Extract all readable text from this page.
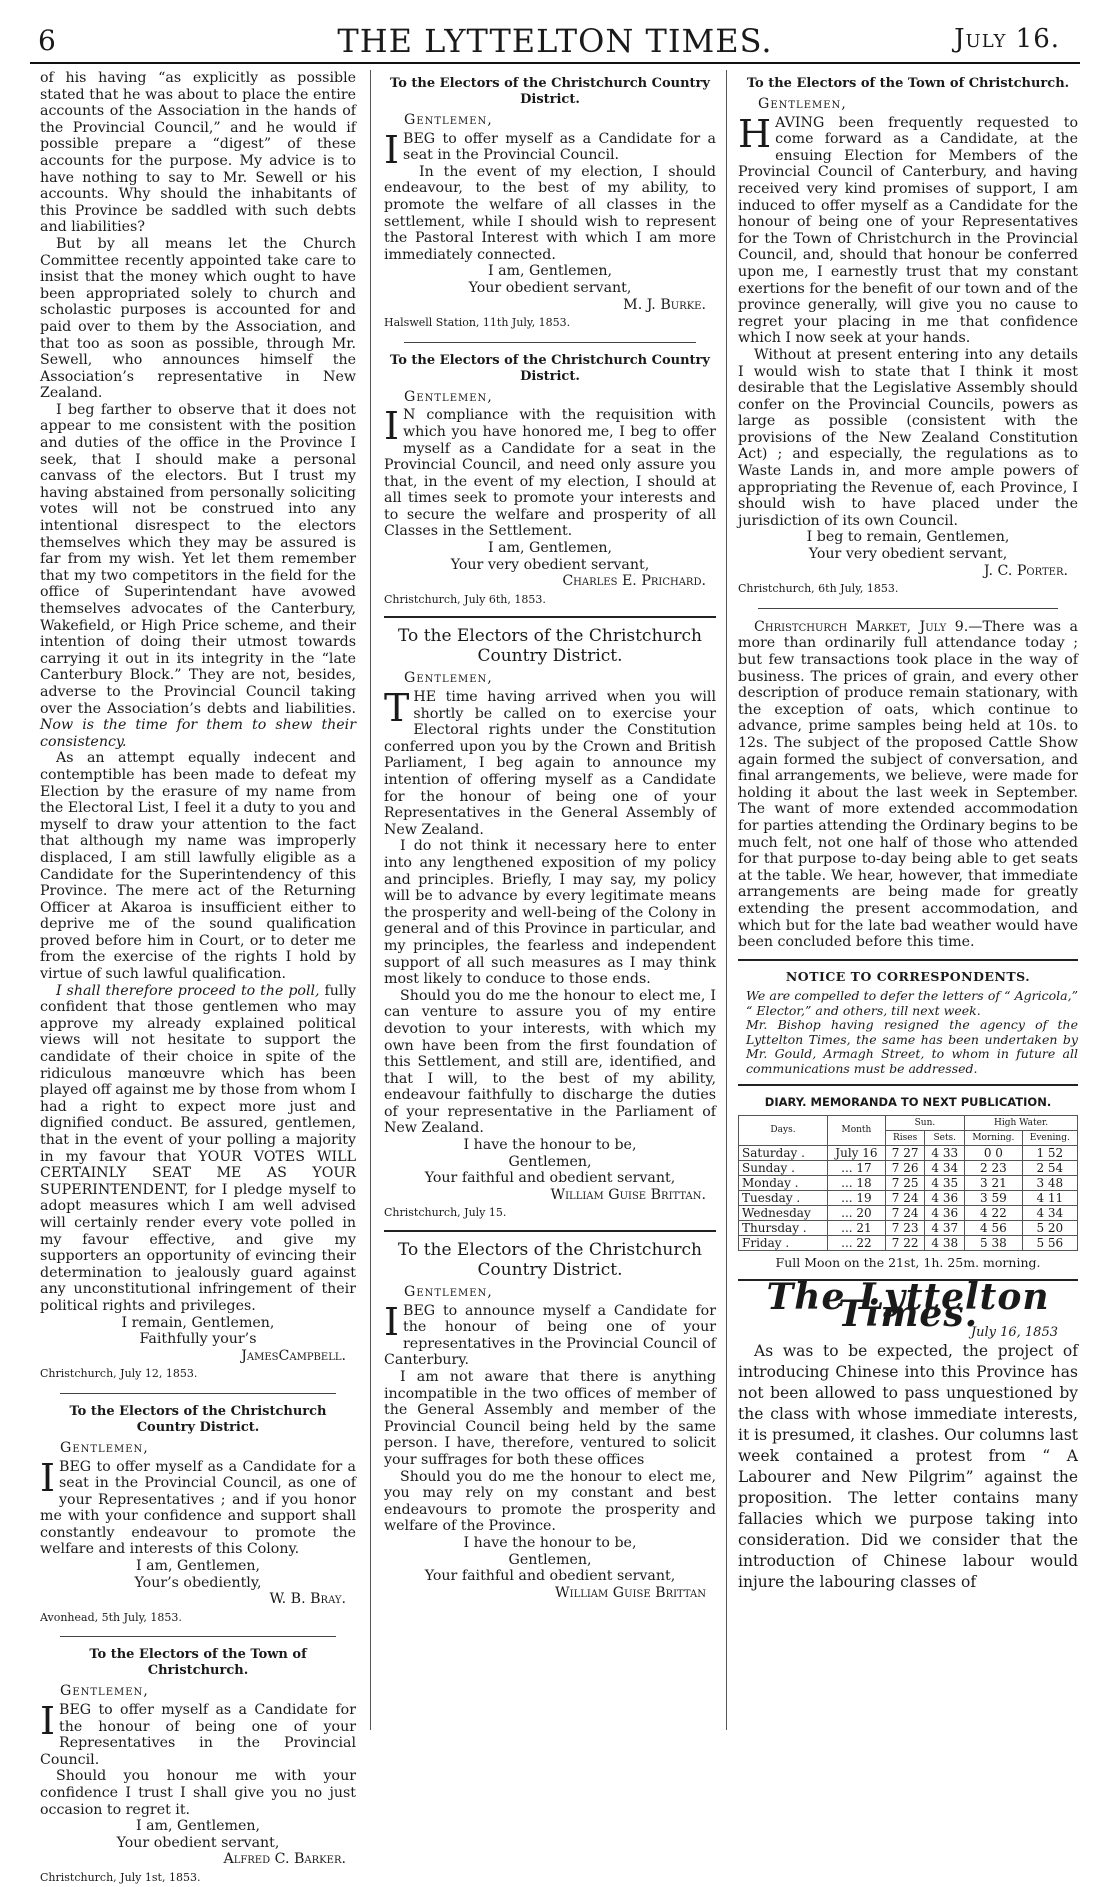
6	THE LYTTELTON TIMES.	July 16.

of his having “as explicitly as possible stated that he was about to place the entire accounts of the Association in the hands of the Provincial Council,” and he would if possible prepare a “digest” of these accounts for the purpose. My advice is to have nothing to say to Mr. Sewell or his accounts. Why should the inhabitants of this Province be saddled with such debts and liabilities?

But by all means let the Church Committee recently appointed take care to insist that the money which ought to have been appropriated solely to church and scholastic purposes is accounted for and paid over to them by the Association, and that too as soon as possible, through Mr. Sewell, who announces himself the Association’s representative in New Zealand.

I beg farther to observe that it does not appear to me consistent with the position and duties of the office in the Province I seek, that I should make a personal canvass of the electors. But I trust my having abstained from personally soliciting votes will not be construed into any intentional disrespect to the electors themselves which they may be assured is far from my wish. Yet let them remember that my two competitors in the field for the office of Superintendant have avowed themselves advocates of the Canterbury, Wakefield, or High Price scheme, and their intention of doing their utmost towards carrying it out in its integrity in the “late Canterbury Block.” They are not, besides, adverse to the Provincial Council taking over the Association’s debts and liabilities. Now is the time for them to shew their consistency.

As an attempt equally indecent and contemptible has been made to defeat my Election by the erasure of my name from the Electoral List, I feel it a duty to you and myself to draw your attention to the fact that although my name was improperly displaced, I am still lawfully eligible as a Candidate for the Superintendency of this Province. The mere act of the Returning Officer at Akaroa is insufficient either to deprive me of the sound qualification proved before him in Court, or to deter me from the exercise of the rights I hold by virtue of such lawful qualification.

I shall therefore proceed to the poll, fully confident that those gentlemen who may approve my already explained political views will not hesitate to support the candidate of their choice in spite of the ridiculous manœuvre which has been played off against me by those from whom I had a right to expect more just and dignified conduct. Be assured, gentlemen, that in the event of your polling a majority in my favour that YOUR VOTES WILL CERTAINLY SEAT ME AS YOUR SUPERINTENDENT, for I pledge myself to adopt measures which I am well advised will certainly render every vote polled in my favour effective, and give my supporters an opportunity of evincing their determination to jealously guard against any unconstitutional infringement of their political rights and privileges.

I remain, Gentlemen,
Faithfully your’s
JamesCampbell.
Christchurch, July 12, 1853.
To the Electors of the Christchurch Country District.
Gentlemen,

IBEG to offer myself as a Candidate for a seat in the Provincial Council, as one of your Representatives ; and if you honor me with your confidence and support shall constantly endeavour to promote the welfare and interests of this Colony.

I am, Gentlemen,
Your’s obediently,
W. B. Bray.
Avonhead, 5th July, 1853.
To the Electors of the Town of Christchurch.
Gentlemen,

IBEG to offer myself as a Candidate for the honour of being one of your Representatives in the Provincial Council.

Should you honour me with your confidence I trust I shall give you no just occasion to regret it.

I am, Gentlemen,
Your obedient servant,
Alfred C. Barker.
Christchurch, July 1st, 1853.
To the Electors of the Christchurch Country District.
Gentlemen,

IBEG to offer myself as a Candidate for a seat in the Provincial Council.

In the event of my election, I should endeavour, to the best of my ability, to promote the welfare of all classes in the settlement, while I should wish to represent the Pastoral Interest with which I am more immediately connected.

I am, Gentlemen,
Your obedient servant,
M. J. Burke.
Halswell Station, 11th July, 1853.
To the Electors of the Christchurch Country District.
Gentlemen,

I N compliance with the requisition with which you have honored me, I beg to offer myself as a Candidate for a seat in the Provincial Council, and need only assure you that, in the event of my election, I should at all times seek to promote your interests and to secure the welfare and prosperity of all Classes in the Settlement.

I am, Gentlemen,
Your very obedient servant,
Charles E. Prichard.
Christchurch, July 6th, 1853.
To the Electors of the Christchurch Country District.
Gentlemen,

THE time having arrived when you will shortly be called on to exercise your Electoral rights under the Constitution conferred upon you by the Crown and British Parliament, I beg again to announce my intention of offering myself as a Candidate for the honour of being one of your Representatives in the General Assembly of New Zealand.

I do not think it necessary here to enter into any lengthened exposition of my policy and principles. Briefly, I may say, my policy will be to advance by every legitimate means the prosperity and well-being of the Colony in general and of this Province in particular, and my principles, the fearless and independent support of all such measures as I may think most likely to conduce to those ends.

Should you do me the honour to elect me, I can venture to assure you of my entire devotion to your interests, with which my own have been from the first foundation of this Settlement, and still are, identified, and that I will, to the best of my ability, endeavour faithfully to discharge the duties of your representative in the Parliament of New Zealand.

I have the honour to be,
Gentlemen,
Your faithful and obedient servant,
William Guise Brittan.
Christchurch, July 15.
To the Electors of the Christchurch Country District.
Gentlemen,

IBEG to announce myself a Candidate for the honour of being one of your representatives in the Provincial Council of Canterbury.

I am not aware that there is anything incompatible in the two offices of member of the General Assembly and member of the Provincial Council being held by the same person. I have, therefore, ventured to solicit your suffrages for both these offices

Should you do me the honour to elect me, you may rely on my constant and best endeavours to promote the prosperity and welfare of the Province.

I have the honour to be,
Gentlemen,
Your faithful and obedient servant,
William Guise Brittan
To the Electors of the Town of Christchurch.
Gentlemen,

HAVING been frequently requested to come forward as a Candidate, at the ensuing Election for Members of the Provincial Council of Canterbury, and having received very kind promises of support, I am induced to offer myself as a Candidate for the honour of being one of your Representatives for the Town of Christchurch in the Provincial Council, and, should that honour be conferred upon me, I earnestly trust that my constant exertions for the benefit of our town and of the province generally, will give you no cause to regret your placing in me that confidence which I now seek at your hands.

Without at present entering into any details I would wish to state that I think it most desirable that the Legislative Assembly should confer on the Provincial Councils, powers as large as possible (consistent with the provisions of the New Zealand Constitution Act) ; and especially, the regulations as to Waste Lands in, and more ample powers of appropriating the Revenue of, each Province, I should wish to have placed under the jurisdiction of its own Council.

I beg to remain, Gentlemen,
Your very obedient servant,
J. C. Porter.
Christchurch, 6th July, 1853.

Christchurch Market, July 9.—There was a more than ordinarily full attendance today ; but few transactions took place in the way of business. The prices of grain, and every other description of produce remain stationary, with the exception of oats, which continue to advance, prime samples being held at 10s. to 12s. The subject of the proposed Cattle Show again formed the subject of conversation, and final arrangements, we believe, were made for holding it about the last week in September. The want of more extended accommodation for parties attending the Ordinary begins to be much felt, not one half of those who attended for that purpose to-day being able to get seats at the table. We hear, however, that immediate arrangements are being made for greatly extending the present accommodation, and which but for the late bad weather would have been concluded before this time.

NOTICE TO CORRESPONDENTS.
We are compelled to defer the letters of “ Agricola,” “ Elector,” and others, till next week.
Mr. Bishop having resigned the agency of the Lyttelton Times, the same has been undertaken by Mr. Gould, Armagh Street, to whom in future all communications must be addressed.
DIARY. MEMORANDA TO NEXT PUBLICATION.
Days.	Month	Sun.		High Water.	
		Rises	Sets.	Morning.	Evening.
Saturday .	July 16	7 27	4 33	0 0	1 52
Sunday .	... 17	7 26	4 34	2 23	2 54
Monday .	... 18	7 25	4 35	3 21	3 48
Tuesday .	... 19	7 24	4 36	3 59	4 11
Wednesday	... 20	7 24	4 36	4 22	4 34
Thursday .	... 21	7 23	4 37	4 56	5 20
Friday .	... 22	7 22	4 38	5 38	5 56
Full Moon on the 21st, 1h. 25m. morning.
The Lyttelton Times.
July 16, 1853

As was to be expected, the project of introducing Chinese into this Province has not been allowed to pass unquestioned by the class with whose immediate interests, it is presumed, it clashes. Our columns last week contained a protest from “ A Labourer and New Pilgrim” against the proposition. The letter contains many fallacies which we purpose taking into consideration. Did we consider that the introduction of Chinese labour would injure the labouring classes of
